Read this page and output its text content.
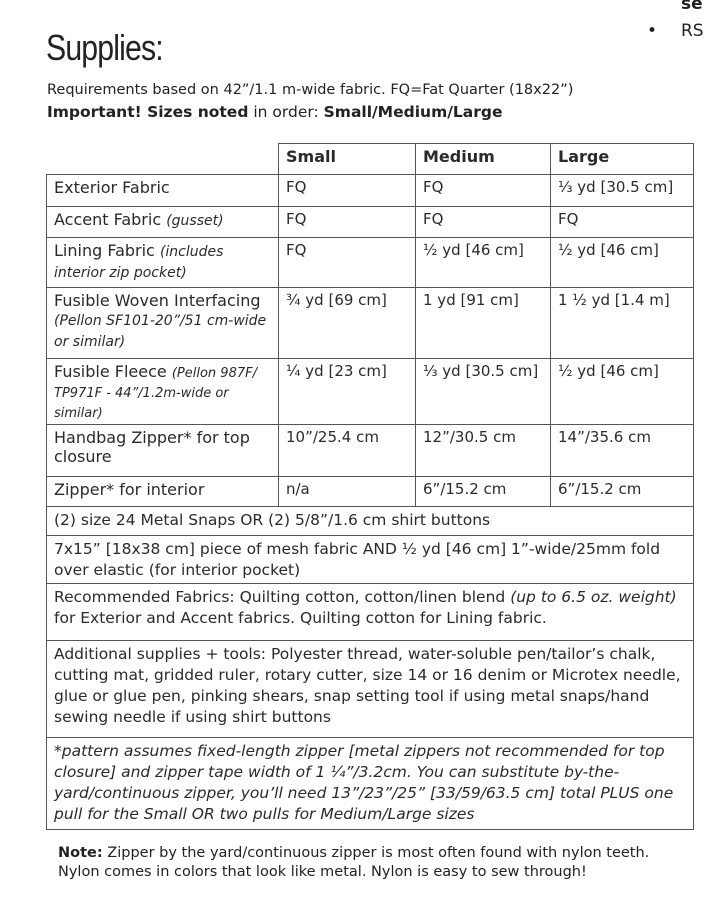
se
• RS
Supplies:
Requirements based on 42”/1.1 m-wide fabric. FQ=Fat Quarter (18x22”)
Important! Sizes noted in order: Small/Medium/Large
	Small	Medium	Large
Exterior Fabric	FQ	FQ	⅓ yd [30.5 cm]
Accent Fabric (gusset)	FQ	FQ	FQ
Lining Fabric (includes interior zip pocket)	FQ	½ yd [46 cm]	½ yd [46 cm]
Fusible Woven Interfacing (Pellon SF101-20”/51 cm-wide or similar)	¾ yd [69 cm]	1 yd [91 cm]	1 ½ yd [1.4 m]
Fusible Fleece (Pellon 987F/ TP971F - 44”/1.2m-wide or similar)	¼ yd [23 cm]	⅓ yd [30.5 cm]	½ yd [46 cm]
Handbag Zipper* for top closure	10”/25.4 cm	12”/30.5 cm	14”/35.6 cm
Zipper* for interior	n/a	6”/15.2 cm	6”/15.2 cm
(2) size 24 Metal Snaps OR (2) 5/8”/1.6 cm shirt buttons			
7x15” [18x38 cm] piece of mesh fabric AND ½ yd [46 cm] 1”-wide/25mm fold over elastic (for interior pocket)			
Recommended Fabrics: Quilting cotton, cotton/linen blend (up to 6.5 oz. weight) for Exterior and Accent fabrics. Quilting cotton for Lining fabric.			
Additional supplies + tools: Polyester thread, water-soluble pen/tailor’s chalk, cutting mat, gridded ruler, rotary cutter, size 14 or 16 denim or Microtex needle, glue or glue pen, pinking shears, snap setting tool if using metal snaps/hand sewing needle if using shirt buttons			
*pattern assumes fixed-length zipper [metal zippers not recommended for top closure] and zipper tape width of 1 ¼”/3.2cm. You can substitute by-the-yard/continuous zipper, you’ll need 13”/23”/25” [33/59/63.5 cm] total PLUS one pull for the Small OR two pulls for Medium/Large sizes			
Note: Zipper by the yard/continuous zipper is most often found with nylon teeth. Nylon comes in colors that look like metal. Nylon is easy to sew through!
